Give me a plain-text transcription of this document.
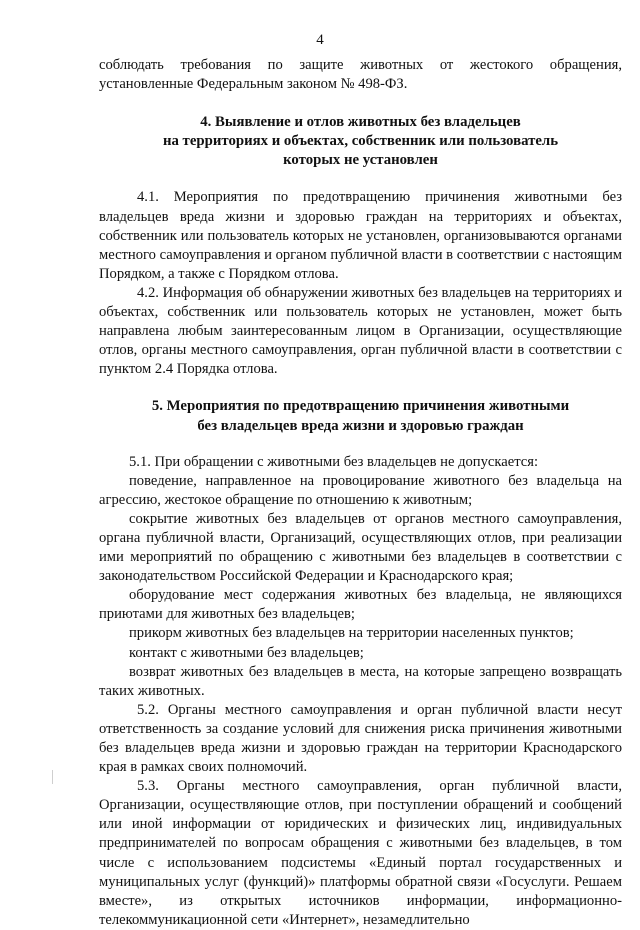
4

соблюдать требования по защите животных от жестокого обращения, установленные Федеральным законом № 498-ФЗ.

4. Выявление и отлов животных без владельцев
на территориях и объектах, собственник или пользователь
которых не установлен

4.1. Мероприятия по предотвращению причинения животными без владельцев вреда жизни и здоровью граждан на территориях и объектах, собственник или пользователь которых не установлен, организовываются органами местного самоуправления и органом публичной власти в соответствии с настоящим Порядком, а также с Порядком отлова.

4.2. Информация об обнаружении животных без владельцев на территориях и объектах, собственник или пользователь которых не установлен, может быть направлена любым заинтересованным лицом в Организации, осуществляющие отлов, органы местного самоуправления, орган публичной власти в соответствии с пунктом 2.4 Порядка отлова.

5. Мероприятия по предотвращению причинения животными
без владельцев вреда жизни и здоровью граждан

5.1. При обращении с животными без владельцев не допускается:

поведение, направленное на провоцирование животного без владельца на агрессию, жестокое обращение по отношению к животным;

сокрытие животных без владельцев от органов местного самоуправления, органа публичной власти, Организаций, осуществляющих отлов, при реализации ими мероприятий по обращению с животными без владельцев в соответствии с законодательством Российской Федерации и Краснодарского края;

оборудование мест содержания животных без владельца, не являющихся приютами для животных без владельцев;

прикорм животных без владельцев на территории населенных пунктов;

контакт с животными без владельцев;

возврат животных без владельцев в места, на которые запрещено возвращать таких животных.

5.2. Органы местного самоуправления и орган публичной власти несут ответственность за создание условий для снижения риска причинения животными без владельцев вреда жизни и здоровью граждан на территории Краснодарского края в рамках своих полномочий.

5.3. Органы местного самоуправления, орган публичной власти, Организации, осуществляющие отлов, при поступлении обращений и сообщений или иной информации от юридических и физических лиц, индивидуальных предпринимателей по вопросам обращения с животными без владельцев, в том числе с использованием подсистемы «Единый портал государственных и муниципальных услуг (функций)» платформы обратной связи «Госуслуги. Решаем вместе», из открытых источников информации, информационно-телекоммуникационной сети «Интернет», незамедлительно
